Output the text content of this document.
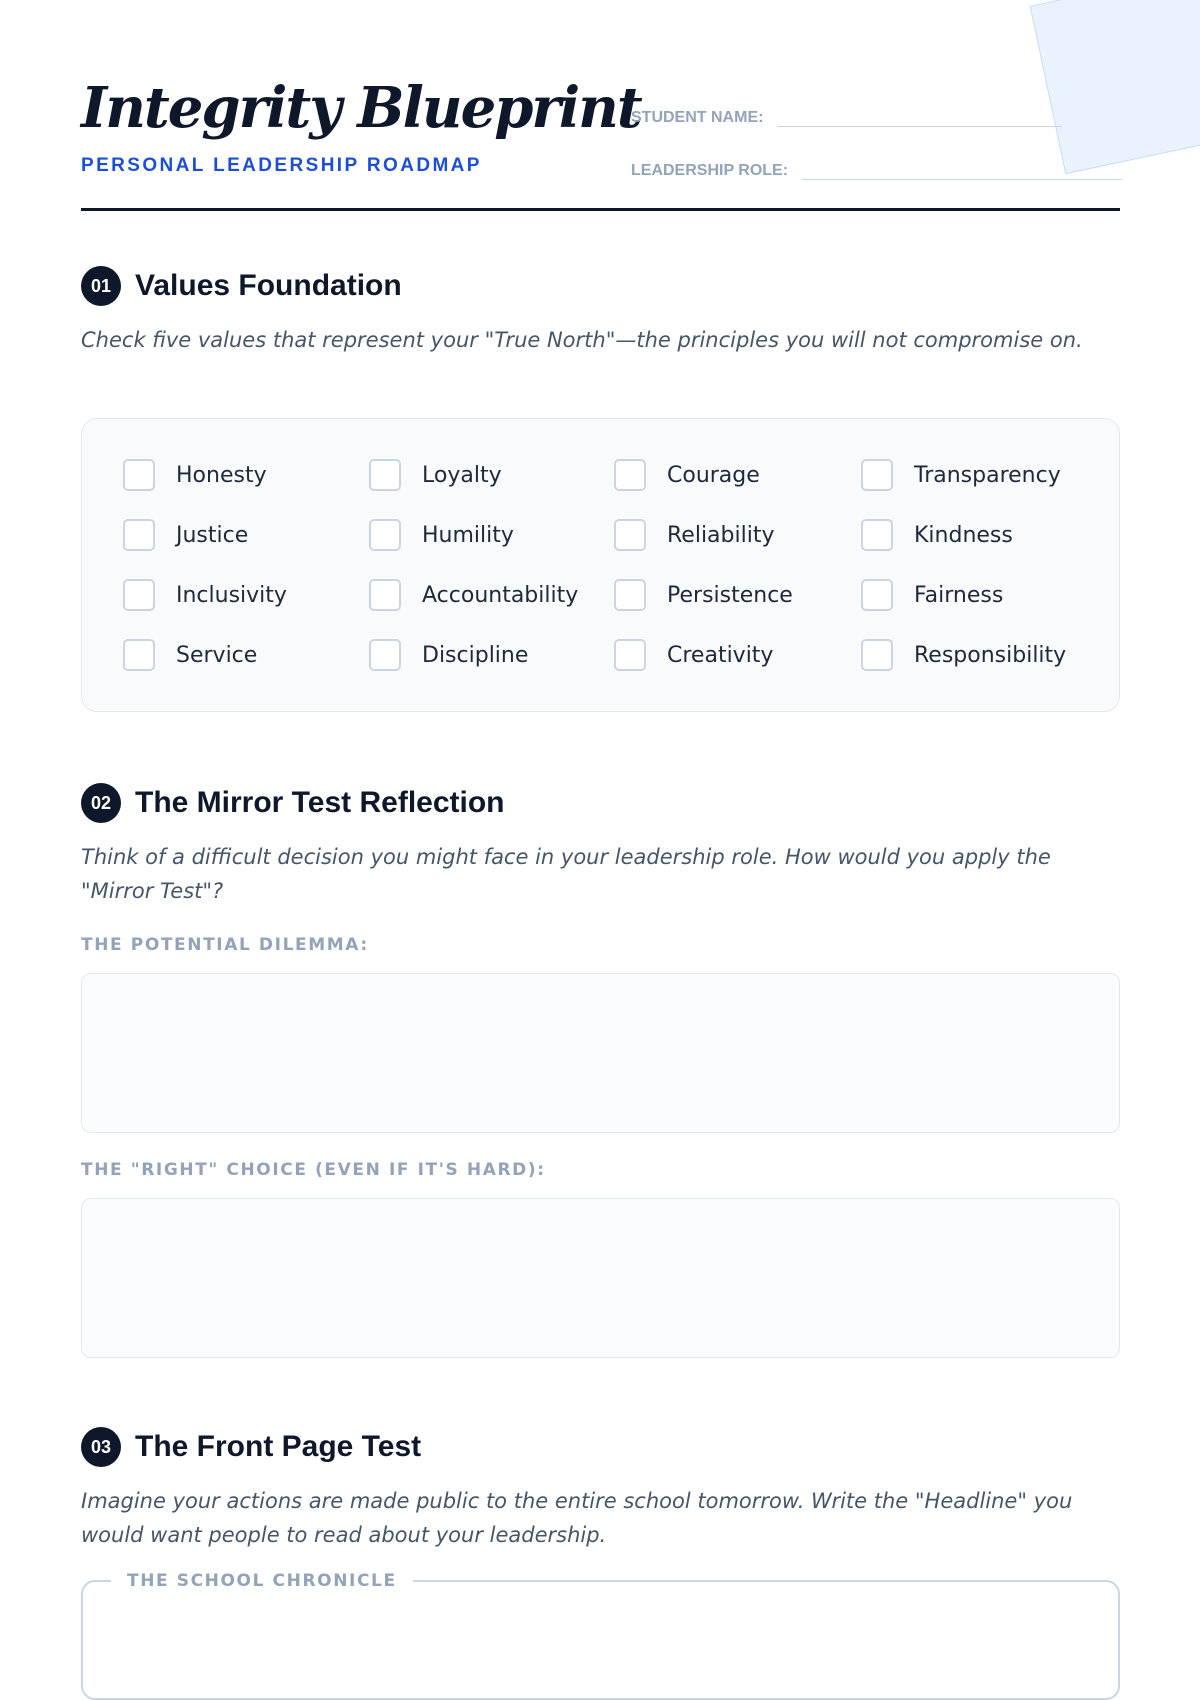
Integrity Blueprint
PERSONAL LEADERSHIP ROADMAP
STUDENT NAME:
LEADERSHIP ROLE:
01 Values Foundation

Check five values that represent your "True North"—the principles you will not compromise on.

Honesty	Loyalty	Courage	Transparency
Justice	Humility	Reliability	Kindness
Inclusivity	Accountability	Persistence	Fairness
Service	Discipline	Creativity	Responsibility
02 The Mirror Test Reflection

Think of a difficult decision you might face in your leadership role. How would you apply the "Mirror Test"?

THE POTENTIAL DILEMMA:
THE "RIGHT" CHOICE (EVEN IF IT'S HARD):
03 The Front Page Test

Imagine your actions are made public to the entire school tomorrow. Write the "Headline" you would want people to read about your leadership.

THE SCHOOL CHRONICLE
